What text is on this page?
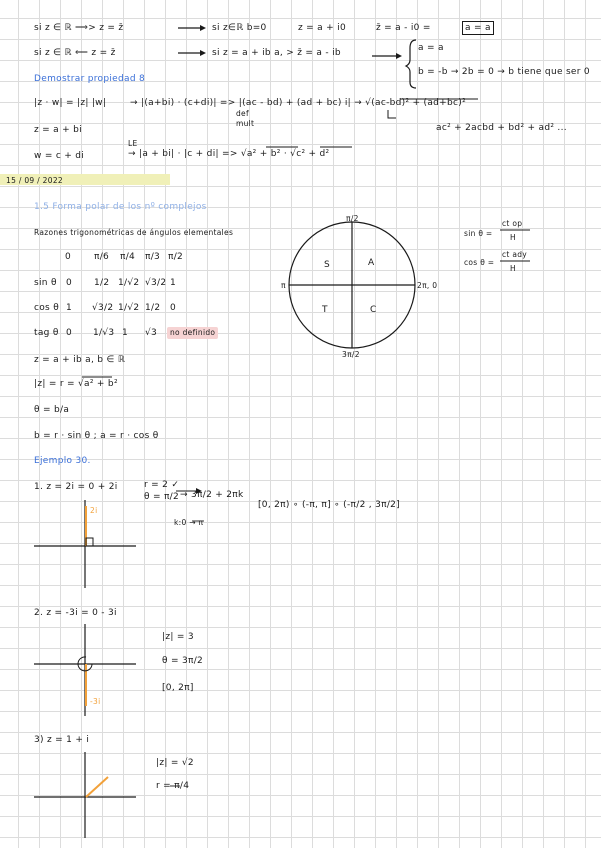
si z ∈ ℝ ⟹> z = z̄	si z∈ℝ b=0	z = a + i0	z̄ = a - i0 =	a = a
si z ∈ ℝ ⟸ z = z̄	si z = a + ib a, > z̄ = a - ib	a = a
b = -b → 2b = 0 → b tiene que ser 0
Demostrar propiedad 8
|z · w| = |z| |w|	→ |(a+bi) · (c+di)| => |(ac - bd) + (ad + bc) i| → √(ac-bd)² + (ad+bc)²
def
mult
z = a + bi	ac² + 2acbd + bd² + ad² ...
LE
w = c + di	→ |a + bi| · |c + di| => √a² + b² · √c² + d²
15 / 09 / 2022
1.5 Forma polar de los nº complejos
Razones trigonométricas de ángulos elementales
0	π/6 π/4 π/3 π/2
sin θ 0 1/2 1/√2 √3/2 1
cos θ 1 √3/2 1/√2 1/2 0
tag θ 0 1/√3 1 √3	no definido
π/2
3π/2
π	2π, 0
A
S
T	C
sin θ =
ct op
H
cos θ =
ct ady
H
z = a + ib a, b ∈ ℝ
|z| = r = √a² + b²
θ = b/a
b = r · sin θ ; a = r · cos θ
Ejemplo 30.
1. z = 2i = 0 + 2i	r = 2 ✓
θ = π/2 → 3π/2 + 2πk
[0, 2π) ∘ (-π, π] ∘ (-π/2 , 3π/2]
k:0 → π
2i
2. z = -3i = 0 - 3i
|z| = 3
θ = 3π/2
[0, 2π]
-3i
3) z = 1 + i
|z| = √2
r = π/4
